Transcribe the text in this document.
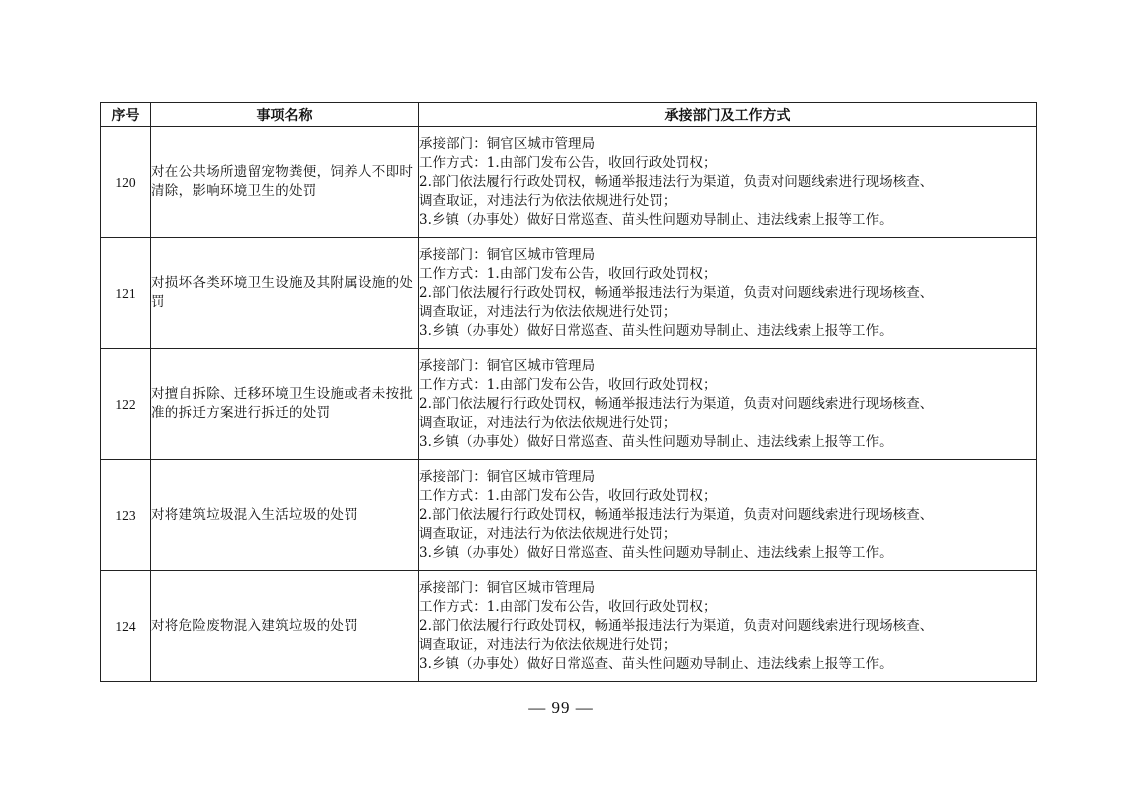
序号	事项名称	承接部门及工作方式
120	对在公共场所遗留宠物粪便，饲养人不即时清除，影响环境卫生的处罚	承接部门：铜官区城市管理局
工作方式：1.由部门发布公告，收回行政处罚权；
2.部门依法履行行政处罚权，畅通举报违法行为渠道，负责对问题线索进行现场核查、
调查取证，对违法行为依法依规进行处罚；
3.乡镇（办事处）做好日常巡查、苗头性问题劝导制止、违法线索上报等工作。

121	对损坏各类环境卫生设施及其附属设施的处罚	承接部门：铜官区城市管理局
工作方式：1.由部门发布公告，收回行政处罚权；
2.部门依法履行行政处罚权，畅通举报违法行为渠道，负责对问题线索进行现场核查、
调查取证，对违法行为依法依规进行处罚；
3.乡镇（办事处）做好日常巡查、苗头性问题劝导制止、违法线索上报等工作。

122	对擅自拆除、迁移环境卫生设施或者未按批准的拆迁方案进行拆迁的处罚	承接部门：铜官区城市管理局
工作方式：1.由部门发布公告，收回行政处罚权；
2.部门依法履行行政处罚权，畅通举报违法行为渠道，负责对问题线索进行现场核查、
调查取证，对违法行为依法依规进行处罚；
3.乡镇（办事处）做好日常巡查、苗头性问题劝导制止、违法线索上报等工作。

123	对将建筑垃圾混入生活垃圾的处罚	承接部门：铜官区城市管理局
工作方式：1.由部门发布公告，收回行政处罚权；
2.部门依法履行行政处罚权，畅通举报违法行为渠道，负责对问题线索进行现场核查、
调查取证，对违法行为依法依规进行处罚；
3.乡镇（办事处）做好日常巡查、苗头性问题劝导制止、违法线索上报等工作。

124	对将危险废物混入建筑垃圾的处罚	承接部门：铜官区城市管理局
工作方式：1.由部门发布公告，收回行政处罚权；
2.部门依法履行行政处罚权，畅通举报违法行为渠道，负责对问题线索进行现场核查、
调查取证，对违法行为依法依规进行处罚；
3.乡镇（办事处）做好日常巡查、苗头性问题劝导制止、违法线索上报等工作。
— 99 —
